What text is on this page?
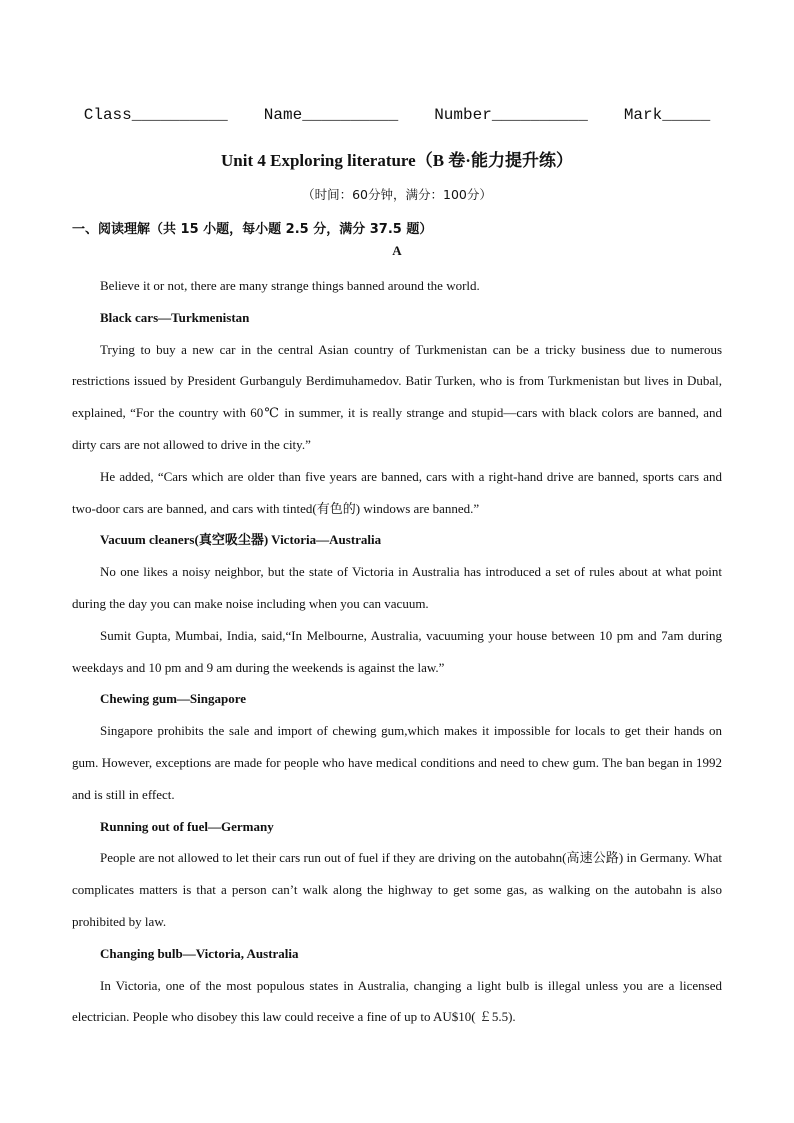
Class__________ Name__________ Number__________ Mark_____
Unit 4 Exploring literature（B 卷·能力提升练）
（时间：60分钟，满分：100分）
一、阅读理解（共 15 小题，每小题 2.5 分，满分 37.5 题）
A

Believe it or not, there are many strange things banned around the world.

Black cars—Turkmenistan

Trying to buy a new car in the central Asian country of Turkmenistan can be a tricky business due to numerous restrictions issued by President Gurbanguly Berdimuhamedov. Batir Turken, who is from Turkmenistan but lives in Dubal, explained, “For the country with 60℃ in summer, it is really strange and stupid—cars with black colors are banned, and dirty cars are not allowed to drive in the city.”

He added, “Cars which are older than five years are banned, cars with a right-hand drive are banned, sports cars and two-door cars are banned, and cars with tinted(有色的) windows are banned.”

Vacuum cleaners(真空吸尘器) Victoria—Australia

No one likes a noisy neighbor, but the state of Victoria in Australia has introduced a set of rules about at what point during the day you can make noise including when you can vacuum.

Sumit Gupta, Mumbai, India, said,“In Melbourne, Australia, vacuuming your house between 10 pm and 7am during weekdays and 10 pm and 9 am during the weekends is against the law.”

Chewing gum—Singapore

Singapore prohibits the sale and import of chewing gum,which makes it impossible for locals to get their hands on gum. However, exceptions are made for people who have medical conditions and need to chew gum. The ban began in 1992 and is still in effect.

Running out of fuel—Germany

People are not allowed to let their cars run out of fuel if they are driving on the autobahn(高速公路) in Germany. What complicates matters is that a person can’t walk along the highway to get some gas, as walking on the autobahn is also prohibited by law.

Changing bulb—Victoria, Australia

In Victoria, one of the most populous states in Australia, changing a light bulb is illegal unless you are a licensed electrician. People who disobey this law could receive a fine of up to AU$10( ￡5.5).
